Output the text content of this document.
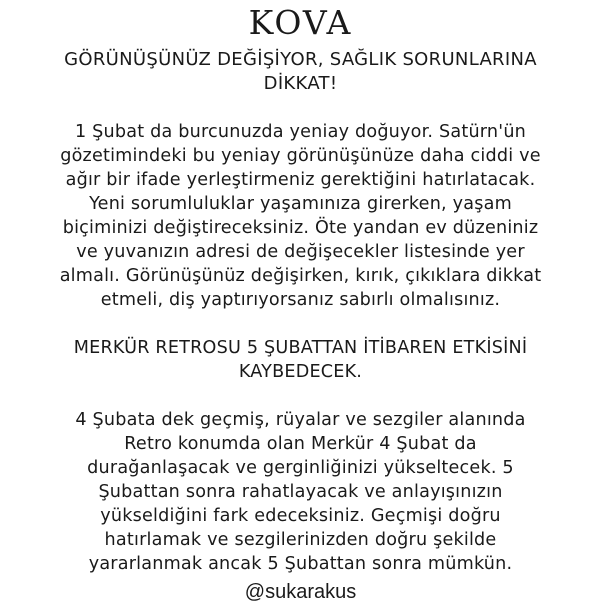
KOVA
GÖRÜNÜŞÜNÜZ DEĞİŞİYOR, SAĞLIK SORUNLARINA
DİKKAT!
1 Şubat da burcunuzda yeniay doğuyor. Satürn'ün
gözetimindeki bu yeniay görünüşünüze daha ciddi ve
ağır bir ifade yerleştirmeniz gerektiğini hatırlatacak.
Yeni sorumluluklar yaşamınıza girerken, yaşam
biçiminizi değiştireceksiniz. Öte yandan ev düzeniniz
ve yuvanızın adresi de değişecekler listesinde yer
almalı. Görünüşünüz değişirken, kırık, çıkıklara dikkat
etmeli, diş yaptırıyorsanız sabırlı olmalısınız.
MERKÜR RETROSU 5 ŞUBATTAN İTİBAREN ETKİSİNİ
KAYBEDECEK.
4 Şubata dek geçmiş, rüyalar ve sezgiler alanında
Retro konumda olan Merkür 4 Şubat da
durağanlaşacak ve gerginliğinizi yükseltecek. 5
Şubattan sonra rahatlayacak ve anlayışınızın
yükseldiğini fark edeceksiniz. Geçmişi doğru
hatırlamak ve sezgilerinizden doğru şekilde
yararlanmak ancak 5 Şubattan sonra mümkün.
@sukarakus
